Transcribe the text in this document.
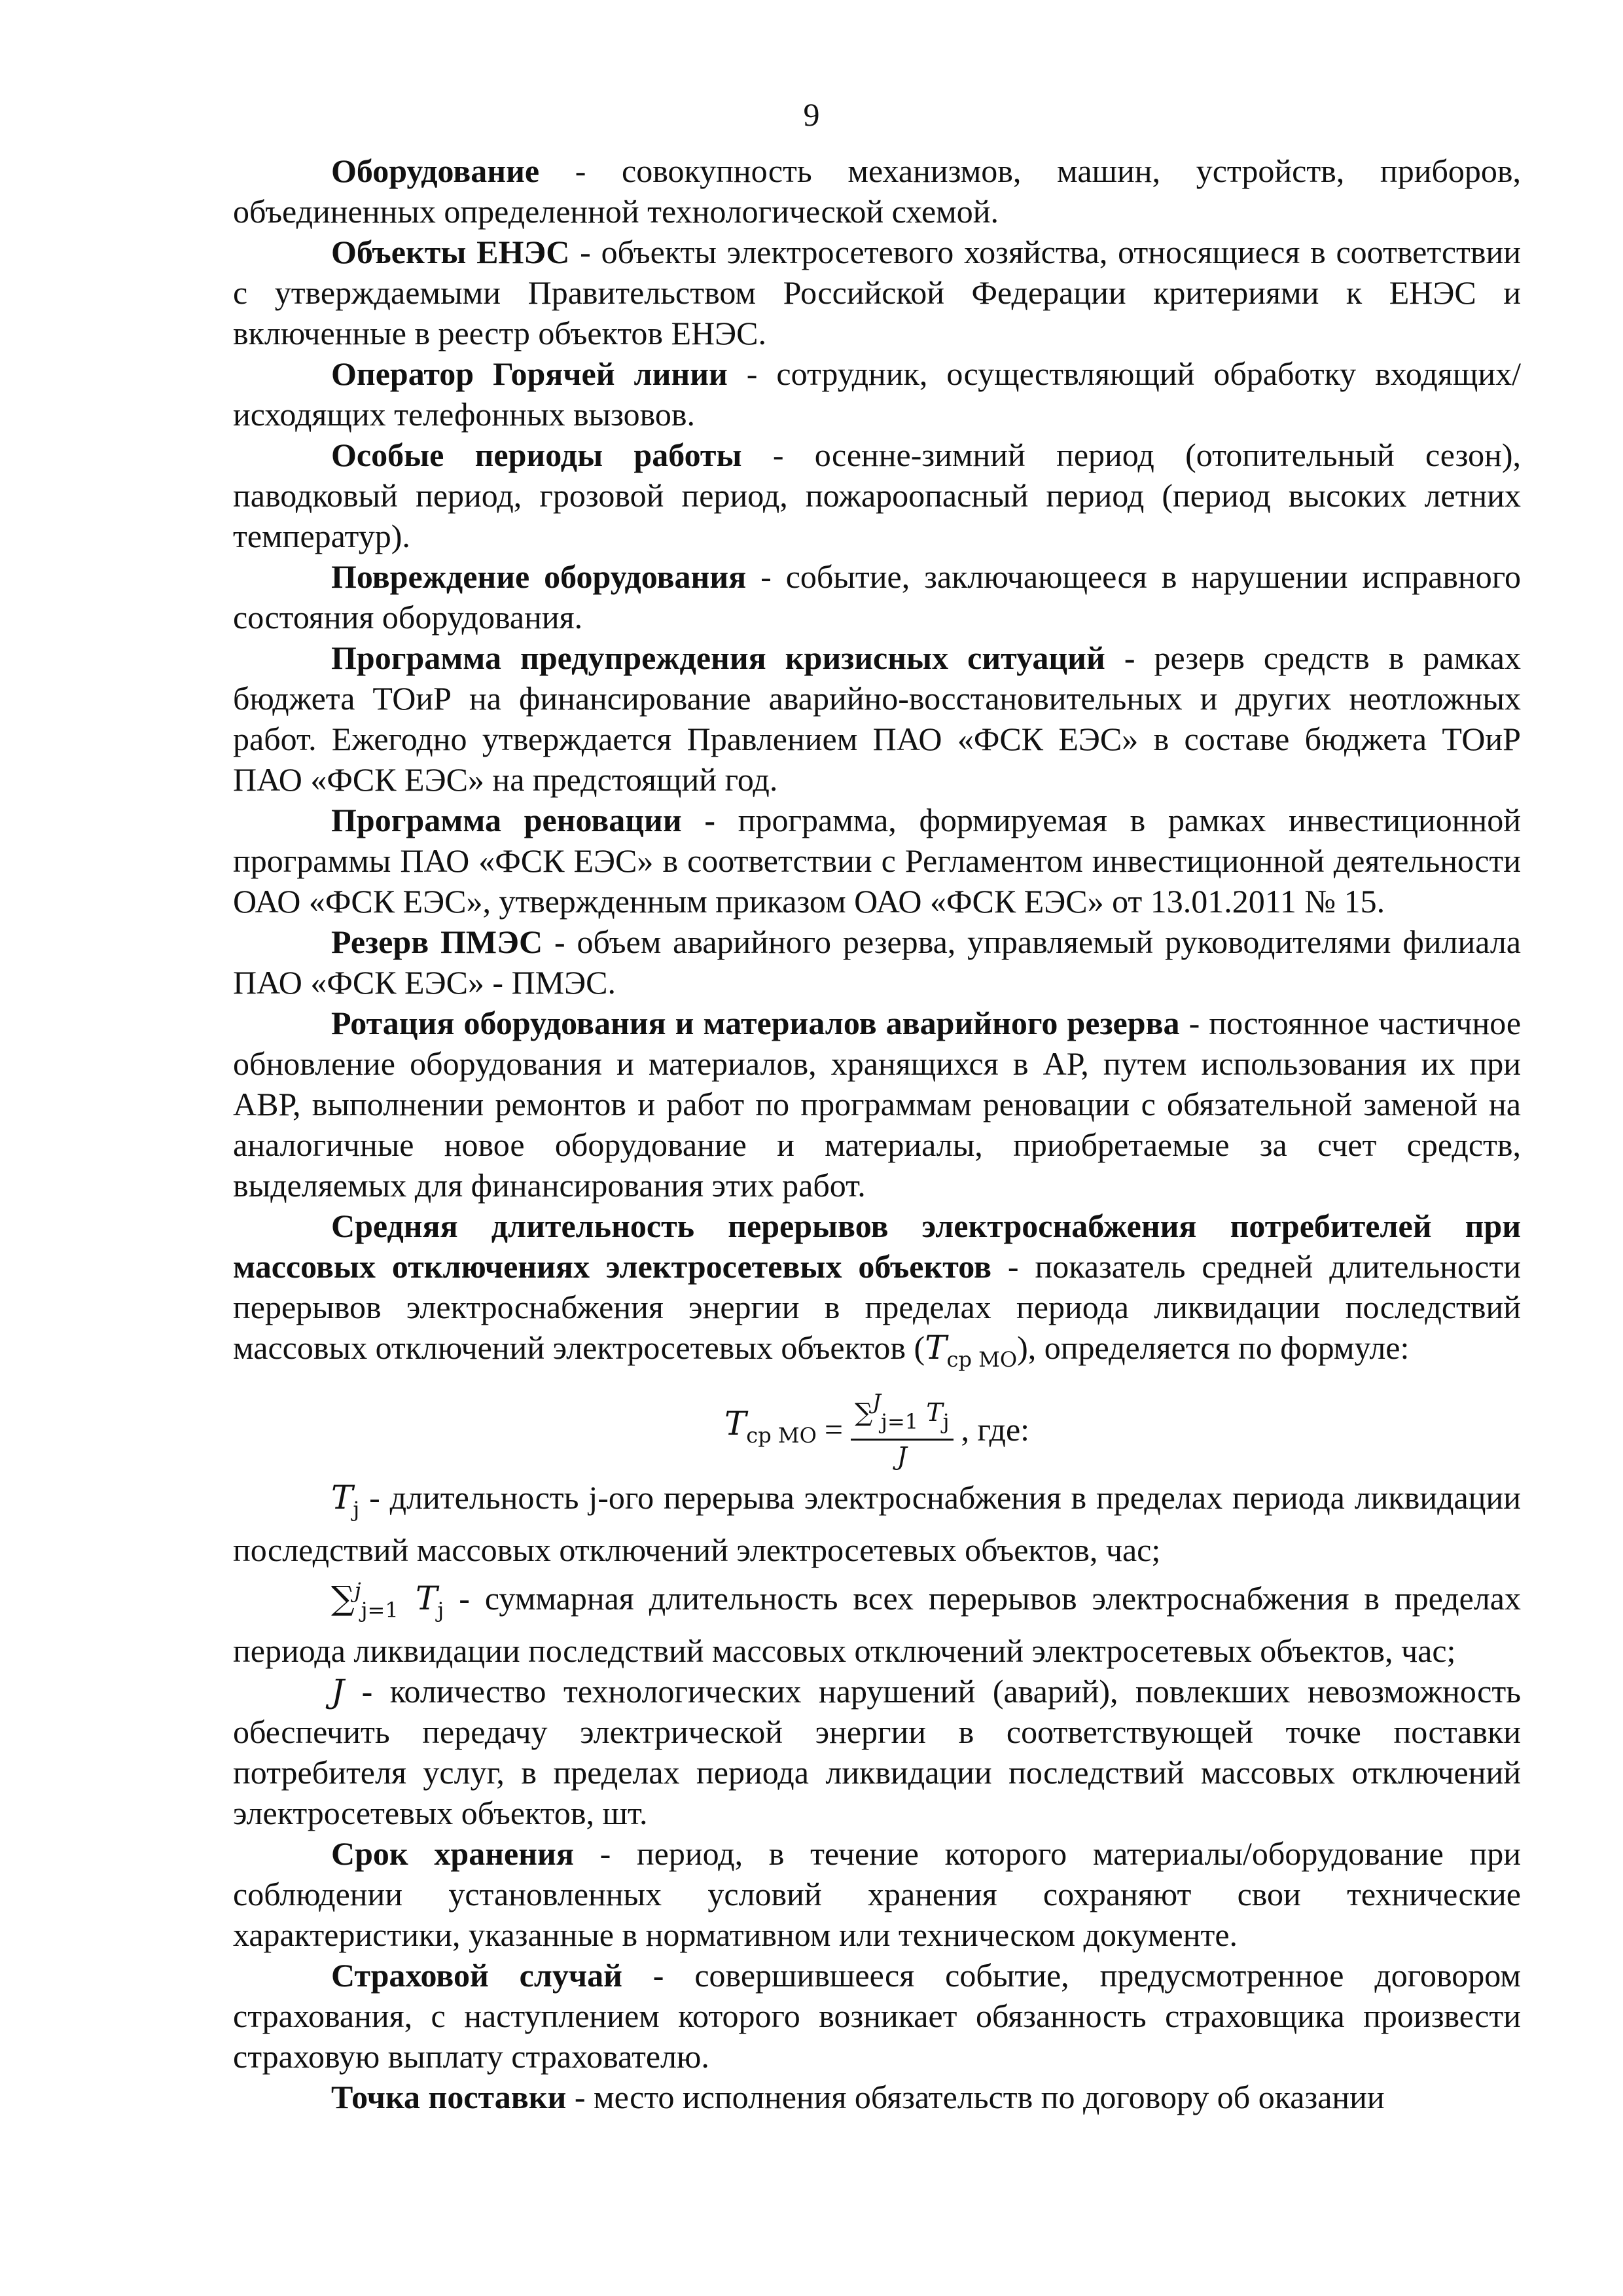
9

Оборудование - совокупность механизмов, машин, устройств, приборов, объединенных определенной технологической схемой.

Объекты ЕНЭС - объекты электросетевого хозяйства, относящиеся в соответствии с утверждаемыми Правительством Российской Федерации критериями к ЕНЭС и включенные в реестр объектов ЕНЭС.

Оператор Горячей линии - сотрудник, осуществляющий обработку входящих/исходящих телефонных вызовов.

Особые периоды работы - осенне-зимний период (отопительный сезон), паводковый период, грозовой период, пожароопасный период (период высоких летних температур).

Повреждение оборудования - событие, заключающееся в нарушении исправного состояния оборудования.

Программа предупреждения кризисных ситуаций - резерв средств в рамках бюджета ТОиР на финансирование аварийно-восстановительных и других неотложных работ. Ежегодно утверждается Правлением ПАО «ФСК ЕЭС» в составе бюджета ТОиР ПАО «ФСК ЕЭС» на предстоящий год.

Программа реновации - программа, формируемая в рамках инвестиционной программы ПАО «ФСК ЕЭС» в соответствии с Регламентом инвестиционной деятельности ОАО «ФСК ЕЭС», утвержденным приказом ОАО «ФСК ЕЭС» от 13.01.2011 № 15.

Резерв ПМЭС - объем аварийного резерва, управляемый руководителями филиала ПАО «ФСК ЕЭС» - ПМЭС.

Ротация оборудования и материалов аварийного резерва - постоянное частичное обновление оборудования и материалов, хранящихся в АР, путем использования их при АВР, выполнении ремонтов и работ по программам реновации с обязательной заменой на аналогичные новое оборудование и материалы, приобретаемые за счет средств, выделяемых для финансирования этих работ.

Средняя длительность перерывов электроснабжения потребителей при массовых отключениях электросетевых объектов - показатель средней длительности перерывов электроснабжения энергии в пределах периода ликвидации последствий массовых отключений электросетевых объектов $(T_{ср МО})$, определяется по формуле:

$T_{ср МО} = \frac{\sum^J_{j=1} T_j}{J}$ , где:

$T_j$ - длительность j-ого перерыва электроснабжения в пределах периода ликвидации последствий массовых отключений электросетевых объектов, час;

∑$^j_{j=1}$ $T_j$ - суммарная длительность всех перерывов электроснабжения в пределах периода ликвидации последствий массовых отключений электросетевых объектов, час;

J - количество технологических нарушений (аварий), повлекших невозможность обеспечить передачу электрической энергии в соответствующей точке поставки потребителя услуг, в пределах периода ликвидации последствий массовых отключений электросетевых объектов, шт.

Срок хранения - период, в течение которого материалы/оборудование при соблюдении установленных условий хранения сохраняют свои технические характеристики, указанные в нормативном или техническом документе.

Страховой случай - совершившееся событие, предусмотренное договором страхования, с наступлением которого возникает обязанность страховщика произвести страховую выплату страхователю.

Точка поставки - место исполнения обязательств по договору об оказании
